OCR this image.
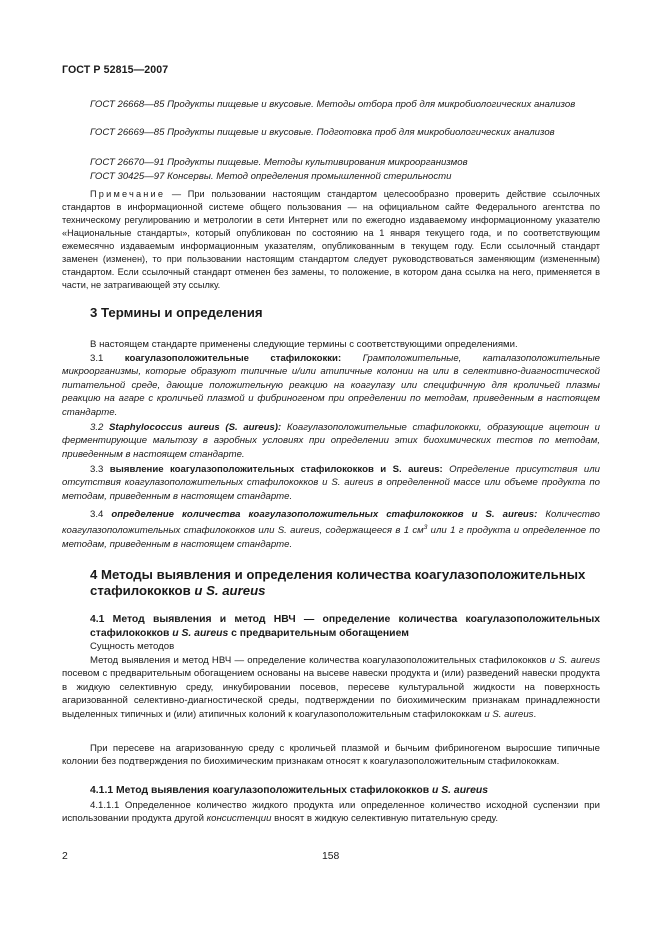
ГОСТ Р 52815—2007
ГОСТ 26668—85 Продукты пищевые и вкусовые. Методы отбора проб для микробиологических анализов
ГОСТ 26669—85 Продукты пищевые и вкусовые. Подготовка проб для микробиологических анализов
ГОСТ 26670—91 Продукты пищевые. Методы культивирования микроорганизмов
ГОСТ 30425—97 Консервы. Метод определения промышленной стерильности
Примечание — При пользовании настоящим стандартом целесообразно проверить действие ссылочных стандартов в информационной системе общего пользования — на официальном сайте Федерального агентства по техническому регулированию и метрологии в сети Интернет или по ежегодно издаваемому информационному указателю «Национальные стандарты», который опубликован по состоянию на 1 января текущего года, и по соответствующим ежемесячно издаваемым информационным указателям, опубликованным в текущем году. Если ссылочный стандарт заменен (изменен), то при пользовании настоящим стандартом следует руководствоваться заменяющим (измененным) стандартом. Если ссылочный стандарт отменен без замены, то положение, в котором дана ссылка на него, применяется в части, не затрагивающей эту ссылку.
3 Термины и определения
В настоящем стандарте применены следующие термины с соответствующими определениями.
3.1 коагулазоположительные стафилококки: Грамположительные, каталазоположительные микроорганизмы, которые образуют типичные и/или атипичные колонии на или в селективно-диагностической питательной среде, дающие положительную реакцию на коагулазу или специфичную для кроличьей плазмы реакцию на агаре с кроличьей плазмой и фибриногеном при определении по методам, приведенным в настоящем стандарте.
3.2 Staphylococcus aureus (S. aureus): Коагулазоположительные стафилококки, образующие ацетоин и ферментирующие мальтозу в аэробных условиях при определении этих биохимических тестов по методам, приведенным в настоящем стандарте.
3.3 выявление коагулазоположительных стафилококков и S. aureus: Определение присутствия или отсутствия коагулазоположительных стафилококков и S. aureus в определенной массе или объеме продукта по методам, приведенным в настоящем стандарте.
3.4 определение количества коагулазоположительных стафилококков и S. aureus: Количество коагулазоположительных стафилококков или S. aureus, содержащееся в 1 $см^3$ или 1 г продукта и определенное по методам, приведенным в настоящем стандарте.
4 Методы выявления и определения количества коагулазоположительных стафилококков и S. aureus
4.1 Метод выявления и метод НВЧ — определение количества коагулазоположительных стафилококков и S. aureus с предварительным обогащением
Сущность методов
Метод выявления и метод НВЧ — определение количества коагулазоположительных стафилококков и S. aureus посевом с предварительным обогащением основаны на высеве навески продукта и (или) разведений навески продукта в жидкую селективную среду, инкубировании посевов, пересеве культуральной жидкости на поверхность агаризованной селективно-диагностической среды, подтверждении по биохимическим признакам принадлежности выделенных типичных и (или) атипичных колоний к коагулазоположительным стафилококкам и S. aureus.
При пересеве на агаризованную среду с кроличьей плазмой и бычьим фибриногеном выросшие типичные колонии без подтверждения по биохимическим признакам относят к коагулазоположительным стафилококкам.
4.1.1 Метод выявления коагулазоположительных стафилококков и S. aureus
4.1.1.1 Определенное количество жидкого продукта или определенное количество исходной суспензии при использовании продукта другой консистенции вносят в жидкую селективную питательную среду.
2	158
